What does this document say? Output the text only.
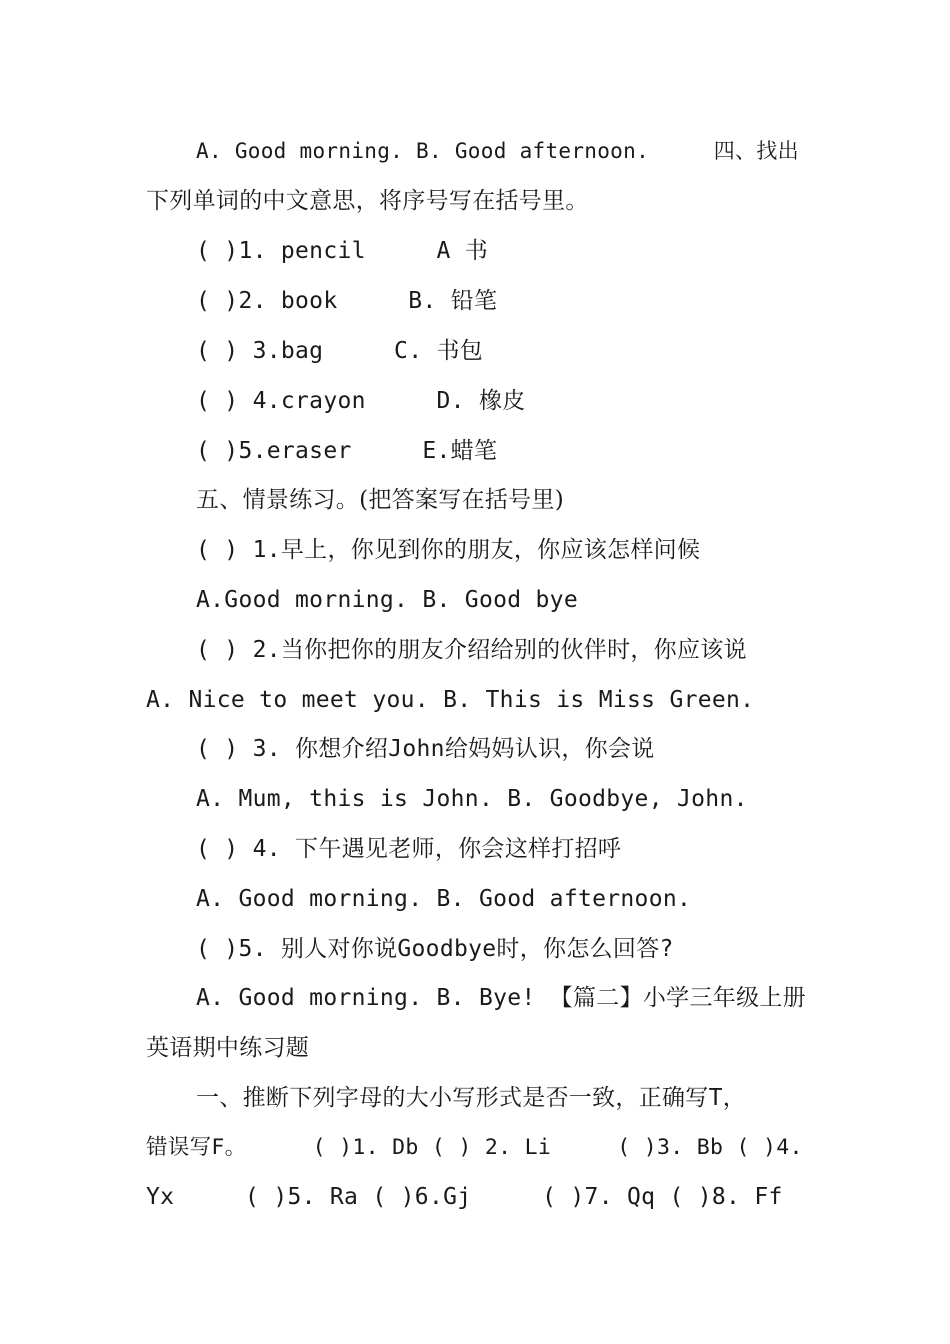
A. Good morning. B. Good afternoon.     四、找出
下列单词的中文意思，将序号写在括号里。
( )1. pencil     A 书
( )2. book     B. 铅笔
( ) 3.bag     C. 书包
( ) 4.crayon     D. 橡皮
( )5.eraser     E.蜡笔
五、情景练习。(把答案写在括号里)
( ) 1.早上，你见到你的朋友，你应该怎样问候
A.Good morning. B. Good bye
( ) 2.当你把你的朋友介绍给别的伙伴时，你应该说
A. Nice to meet you. B. This is Miss Green.
( ) 3. 你想介绍John给妈妈认识，你会说
A. Mum, this is John. B. Goodbye, John.
( ) 4. 下午遇见老师，你会这样打招呼
A. Good morning. B. Good afternoon.
( )5. 别人对你说Goodbye时，你怎么回答?
A. Good morning. B. Bye! 【篇二】小学三年级上册
英语期中练习题
一、推断下列字母的大小写形式是否一致，正确写T，
错误写F。     ( )1. Db ( ) 2. Li     ( )3. Bb ( )4.
Yx     ( )5. Ra ( )6.Gj     ( )7. Qq ( )8. Ff
